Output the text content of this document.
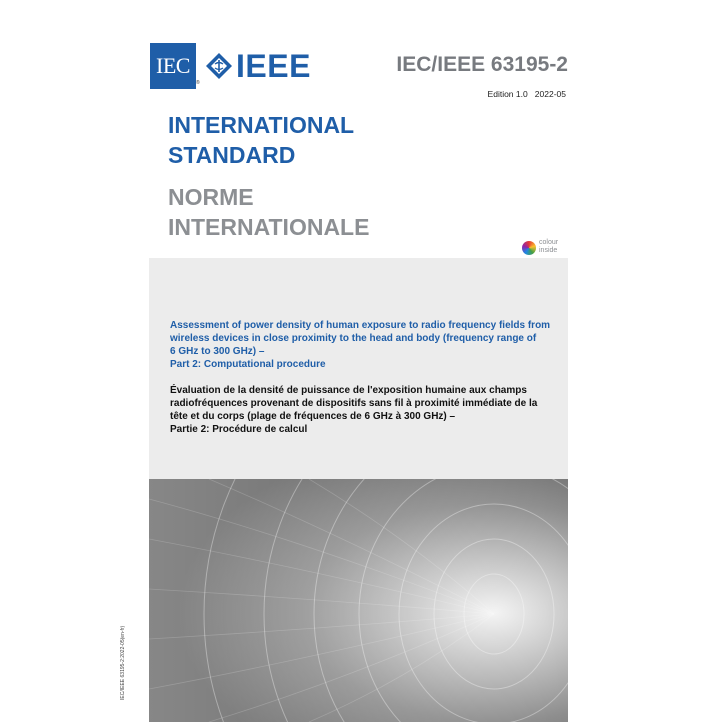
IEC
® IEEE	IEC/IEEE 63195-2
Edition 1.0   2022-05
INTERNATIONAL
STANDARD
NORME
INTERNATIONALE
colour
inside
Assessment of power density of human exposure to radio frequency fields from
wireless devices in close proximity to the head and body (frequency range of
6 GHz to 300 GHz) –
Part 2: Computational procedure
Évaluation de la densité de puissance de l'exposition humaine aux champs
radiofréquences provenant de dispositifs sans fil à proximité immédiate de la
tête et du corps (plage de fréquences de 6 GHz à 300 GHz) –
Partie 2: Procédure de calcul
IEC/IEEE 63195-2:2022-05(en-fr)
